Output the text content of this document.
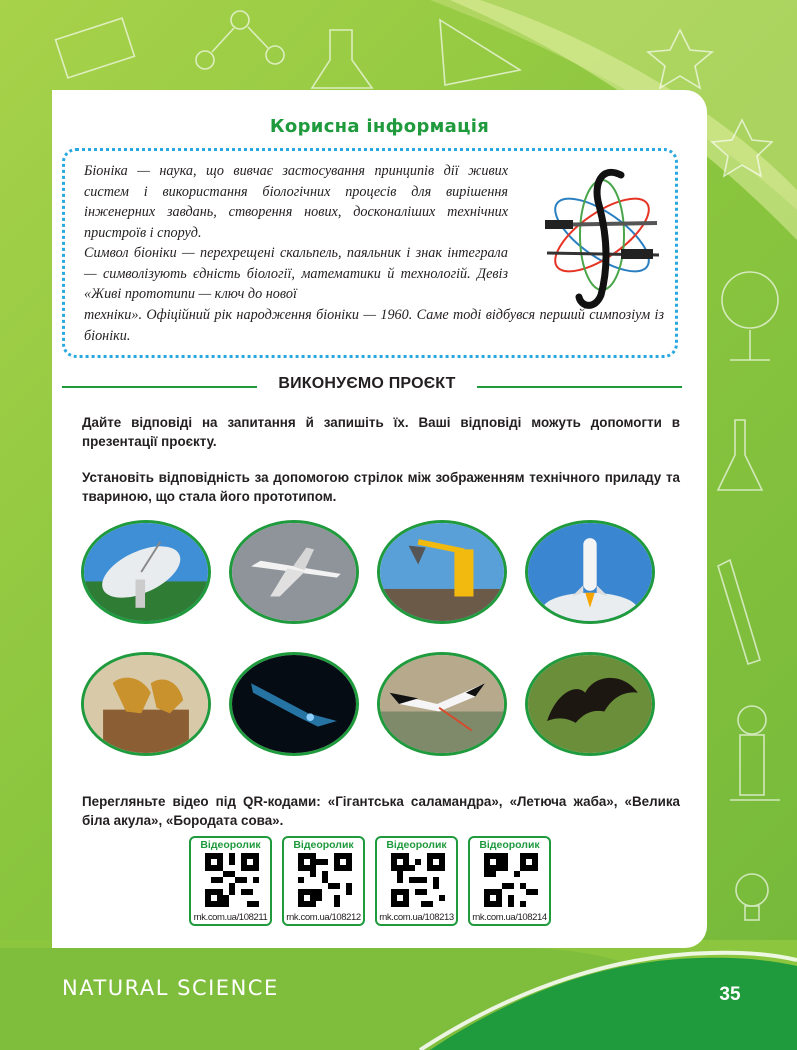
Корисна інформація

Біоніка — наука, що вивчає застосування принципів дії живих систем і використання біологічних процесів для вирішення інженерних завдань, створення нових, досконаліших технічних пристроїв і споруд.

Символ біоніки — перехрещені скальпель, паяльник і знак інтеграла — символізують єдність біології, математики й технологій. Девіз «Живі прототипи — ключ до нової

техніки». Офіційний рік народження біоніки — 1960. Саме тоді відбувся перший симпозіум із біоніки.

ВИКОНУЄМО ПРОЄКТ

Дайте відповіді на запитання й запишіть їх. Ваші відповіді можуть допомогти в презентації проєкту.

Установіть відповідність за допомогою стрілок між зображенням технічного приладу та твариною, що стала його прототипом.

Перегляньте відео під QR-кодами: «Гігантська саламандра», «Летюча жаба», «Велика біла акула», «Бородата сова».

Відеоролик
rnk.com.ua/108211
Відеоролик
rnk.com.ua/108212
Відеоролик
rnk.com.ua/108213
Відеоролик
rnk.com.ua/108214
NATURAL SCIENCE	35
